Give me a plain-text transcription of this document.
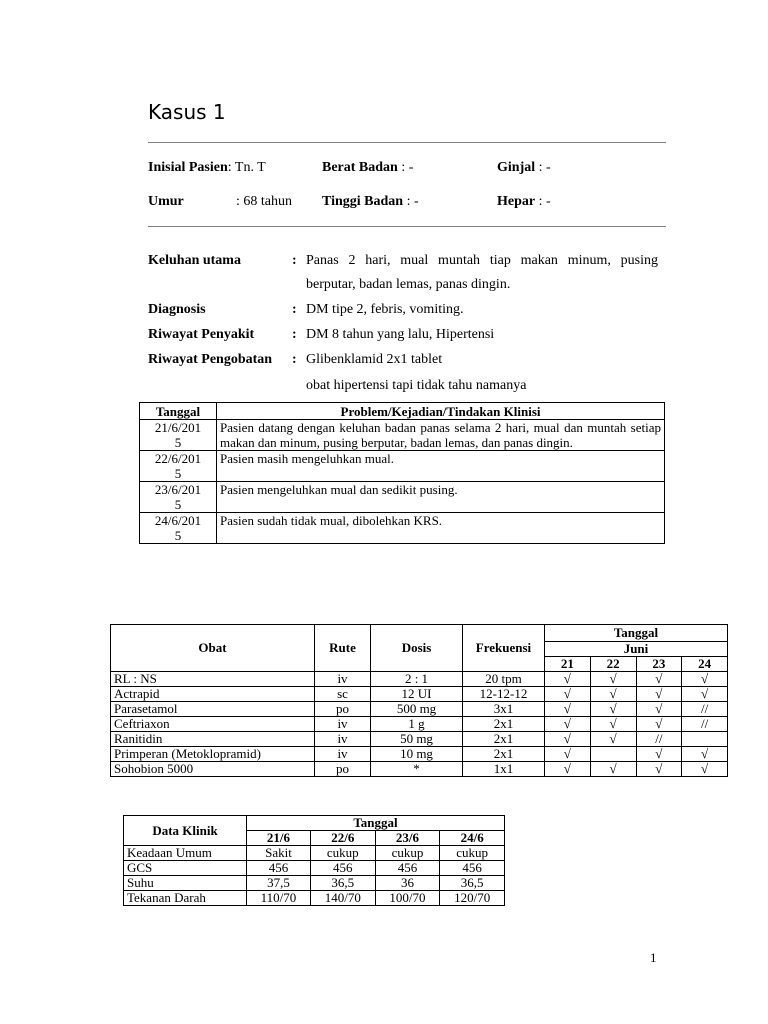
Kasus 1
Inisial Pasien: Tn. T	Berat Badan : -	Ginjal : -
Umur	: 68 tahun Tinggi Badan : -	Hepar : -
Keluhan utama	: Panas 2 hari, mual muntah tiap makan minum, pusing
berputar, badan lemas, panas dingin.
Diagnosis	: DM tipe 2, febris, vomiting.
Riwayat Penyakit	: DM 8 tahun yang lalu, Hipertensi
Riwayat Pengobatan : Glibenklamid 2x1 tablet
obat hipertensi tapi tidak tahu namanya
Tanggal	Problem/Kejadian/Tindakan Klinisi
21/6/201
5	Pasien datang dengan keluhan badan panas selama 2 hari, mual dan muntah setiap makan dan minum, pusing berputar, badan lemas, dan panas dingin.
22/6/201
5	Pasien masih mengeluhkan mual.
23/6/201
5	Pasien mengeluhkan mual dan sedikit pusing.
24/6/201
5	Pasien sudah tidak mual, dibolehkan KRS.
Obat	Rute	Dosis	Frekuensi	Tanggal			
				Juni			
				21	22	23	24
RL : NS	iv	2 : 1	20 tpm	√	√	√	√
Actrapid	sc	12 UI	12-12-12	√	√	√	√
Parasetamol	po	500 mg	3x1	√	√	√	//
Ceftriaxon	iv	1 g	2x1	√	√	√	//
Ranitidin	iv	50 mg	2x1	√	√	//	
Primperan (Metoklopramid)	iv	10 mg	2x1	√		√	√
Sohobion 5000	po	*	1x1	√	√	√	√
Data Klinik	Tanggal			
	21/6	22/6	23/6	24/6
Keadaan Umum	Sakit	cukup	cukup	cukup
GCS	456	456	456	456
Suhu	37,5	36,5	36	36,5
Tekanan Darah	110/70	140/70	100/70	120/70
1
